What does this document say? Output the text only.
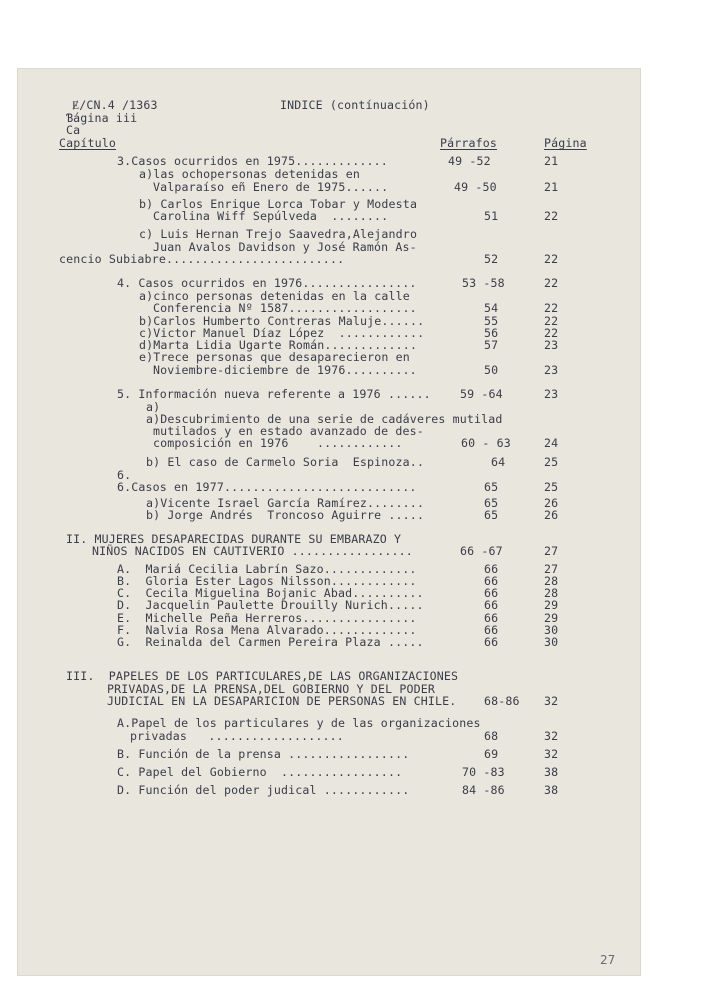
Ɇ/CN.4 /1363
Ɓágina iii
INDICE (contínuación)
Ca
Capítulo	Párrafos	Página
3.Casos ocurridos en 1975.............	49 -52	21
a)las ochopersonas detenidas en
Valparaíso eñ Enero de 1975......	49 -50	21
b) Carlos Enrique Lorca Tobar y Modesta
Carolina Wiff Sepúlveda  ........	51	22
c) Luis Hernan Trejo Saavedra,Alejandro
Juan Avalos Davidson y José Ramón As-
cencio Subiabre.........................	52	22
4. Casos ocurridos en 1976................	53 -58	22
a)cinco personas detenidas en la calle
Conferencia Nº 1587..................	54	22
b)Carlos Humberto Contreras Maluje......	55	22
c)Victor Manuel Díaz López  ............	56	22
d)Marta Lidia Ugarte Román.............	57	23
e)Trece personas que desaparecieron en
Noviembre-diciembre de 1976..........	50	23
5. Información nueva referente a 1976 ......	59 -64	23
a)
a)Descubrimiento de una serie de cadáveres mutilad
mutilados y en estado avanzado de des-
composición en 1976    ............	60 - 63	24
b) El caso de Carmelo Soria  Espinoza..	64	25
6.
6.Casos en 1977...........................	65	25
a)Vicente Israel García Ramírez........	65	26
b) Jorge Andrés  Troncoso Aguirre .....	65	26
II. MUJERES DESAPARECIDAS DURANTE SU EMBARAZO Y
NIÑOS NACIDOS EN CAUTIVERIO .................	66 -67	27
A.  Mariá Cecilia Labrín Sazo.............	66	27
B.  Gloria Ester Lagos Nilsson............	66	28
C.  Cecila Miguelina Bojanic Abad..........	66	28
D.  Jacquelin Paulette Drouilly Nurich.....	66	29
E.  Michelle Peña Herreros................	66	29
F.  Nalvia Rosa Mena Alvarado.............	66	30
G.  Reinalda del Carmen Pereira Plaza .....	66	30
III.  PAPELES DE LOS PARTICULARES,DE LAS ORGANIZACIONES
PRIVADAS,DE LA PRENSA,DEL GOBIERNO Y DEL PODER
JUDICIAL EN LA DESAPARICION DE PERSONAS EN CHILE. 68-86 32
A.Papel de los particulares y de las organizaciones
privadas   ...................	68	32
B. Función de la prensa .................	69	32
C. Papel del Gobierno  .................	70 -83	38
D. Función del poder judical ............	84 -86	38
27
